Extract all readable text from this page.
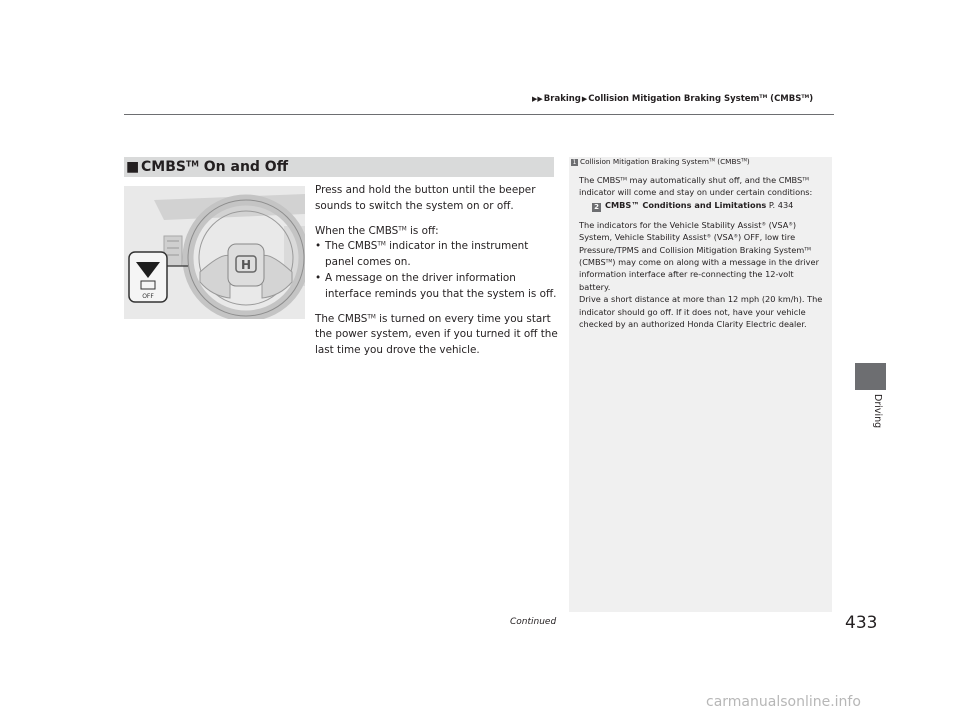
▶▶Braking▶Collision Mitigation Braking System™ (CMBS™)
■ CMBS™ On and Off
H
OFF

Press and hold the button until the beeper sounds to switch the system on or off.

When the CMBS™ is off:

• The CMBS™ indicator in the instrument panel comes on.
• A message on the driver information interface reminds you that the system is off.

The CMBS™ is turned on every time you start the power system, even if you turned it off the last time you drove the vehicle.

1 Collision Mitigation Braking System™ (CMBS™)

The CMBS™ may automatically shut off, and the CMBS™ indicator will come and stay on under certain conditions:

2 CMBS™ Conditions and Limitations P. 434

The indicators for the Vehicle Stability Assist® (VSA®) System, Vehicle Stability Assist® (VSA®) OFF, low tire Pressure/TPMS and Collision Mitigation Braking System™ (CMBS™) may come on along with a message in the driver information interface after re-connecting the 12-volt battery.

Drive a short distance at more than 12 mph (20 km/h). The indicator should go off. If it does not, have your vehicle checked by an authorized Honda Clarity Electric dealer.

Driving
Continued	433
carmanualsonline.info
